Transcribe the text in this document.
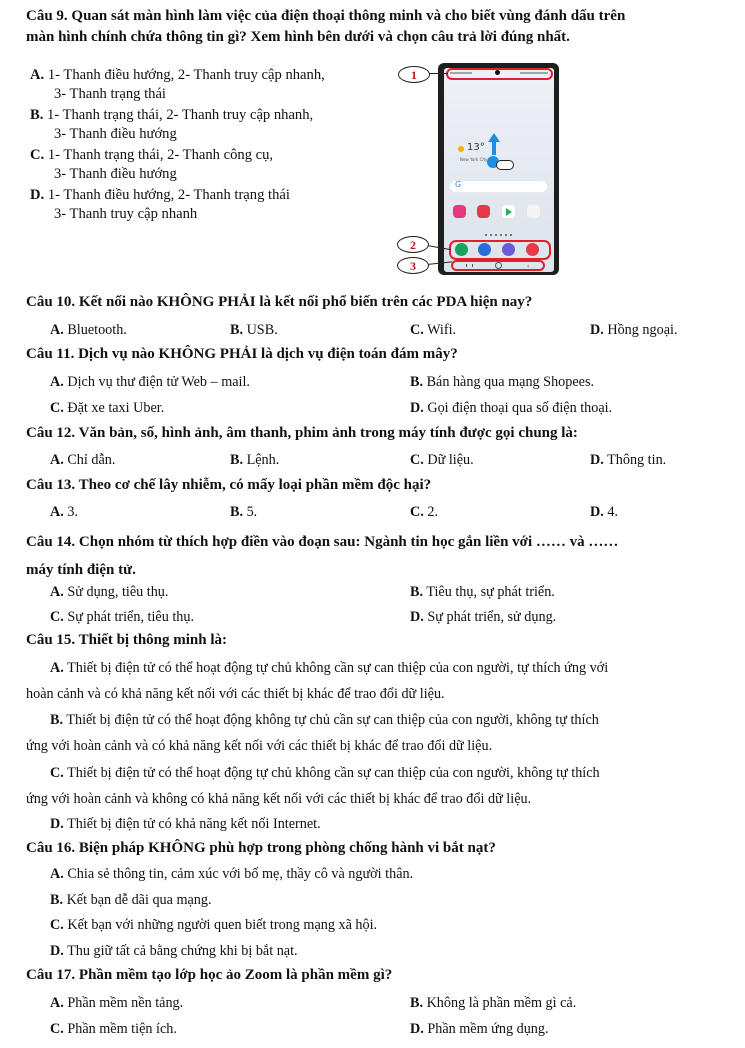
Câu 9. Quan sát màn hình làm việc của điện thoại thông minh và cho biết vùng đánh dấu trên
màn hình chính chứa thông tin gì? Xem hình bên dưới và chọn câu trả lời đúng nhất.
A. 1- Thanh điều hướng, 2- Thanh truy cập nhanh,
3- Thanh trạng thái
B. 1- Thanh trạng thái, 2- Thanh truy cập nhanh,
3- Thanh điều hướng
C. 1- Thanh trạng thái, 2- Thanh công cụ,
3- Thanh điều hướng
D. 1- Thanh điều hướng, 2- Thanh trạng thái
3- Thanh truy cập nhanh
13°
New York City
G
‹
1
2
3
Câu 10. Kết nối nào KHÔNG PHẢI là kết nối phổ biến trên các PDA hiện nay?
A. Bluetooth.	B. USB.	C. Wifi.	D. Hồng ngoại.
Câu 11. Dịch vụ nào KHÔNG PHẢI là dịch vụ điện toán đám mây?
A. Dịch vụ thư điện tử Web – mail.	B. Bán hàng qua mạng Shopees.
C. Đặt xe taxi Uber.	D. Gọi điện thoại qua số điện thoại.
Câu 12. Văn bản, số, hình ảnh, âm thanh, phim ảnh trong máy tính được gọi chung là:
A. Chỉ dẫn.	B. Lệnh.	C. Dữ liệu.	D. Thông tin.
Câu 13. Theo cơ chế lây nhiễm, có mấy loại phần mềm độc hại?
A. 3.	B. 5.	C. 2.	D. 4.
Câu 14. Chọn nhóm từ thích hợp điền vào đoạn sau: Ngành tin học gắn liền với …… và ……
máy tính điện tử.
A. Sử dụng, tiêu thụ.	B. Tiêu thụ, sự phát triển.
C. Sự phát triển, tiêu thụ.	D. Sự phát triển, sử dụng.
Câu 15. Thiết bị thông minh là:
A. Thiết bị điện tử có thể hoạt động tự chủ không cần sự can thiệp của con người, tự thích ứng với
hoàn cảnh và có khả năng kết nối với các thiết bị khác để trao đổi dữ liệu.
B. Thiết bị điện tử có thể hoạt động không tự chủ cần sự can thiệp của con người, không tự thích
ứng với hoàn cảnh và có khả năng kết nối với các thiết bị khác để trao đổi dữ liệu.
C. Thiết bị điện tử có thể hoạt động tự chủ không cần sự can thiệp của con người, không tự thích
ứng với hoàn cảnh và không có khả năng kết nối với các thiết bị khác để trao đổi dữ liệu.
D. Thiết bị điện tử có khả năng kết nối Internet.
Câu 16. Biện pháp KHÔNG phù hợp trong phòng chống hành vi bắt nạt?
A. Chia sẻ thông tin, cảm xúc với bố mẹ, thầy cô và người thân.
B. Kết bạn dễ dãi qua mạng.
C. Kết bạn với những người quen biết trong mạng xã hội.
D. Thu giữ tất cả bằng chứng khi bị bắt nạt.
Câu 17. Phần mềm tạo lớp học ảo Zoom là phần mềm gì?
A. Phần mềm nền tảng.	B. Không là phần mềm gì cả.
C. Phần mềm tiện ích.	D. Phần mềm ứng dụng.
